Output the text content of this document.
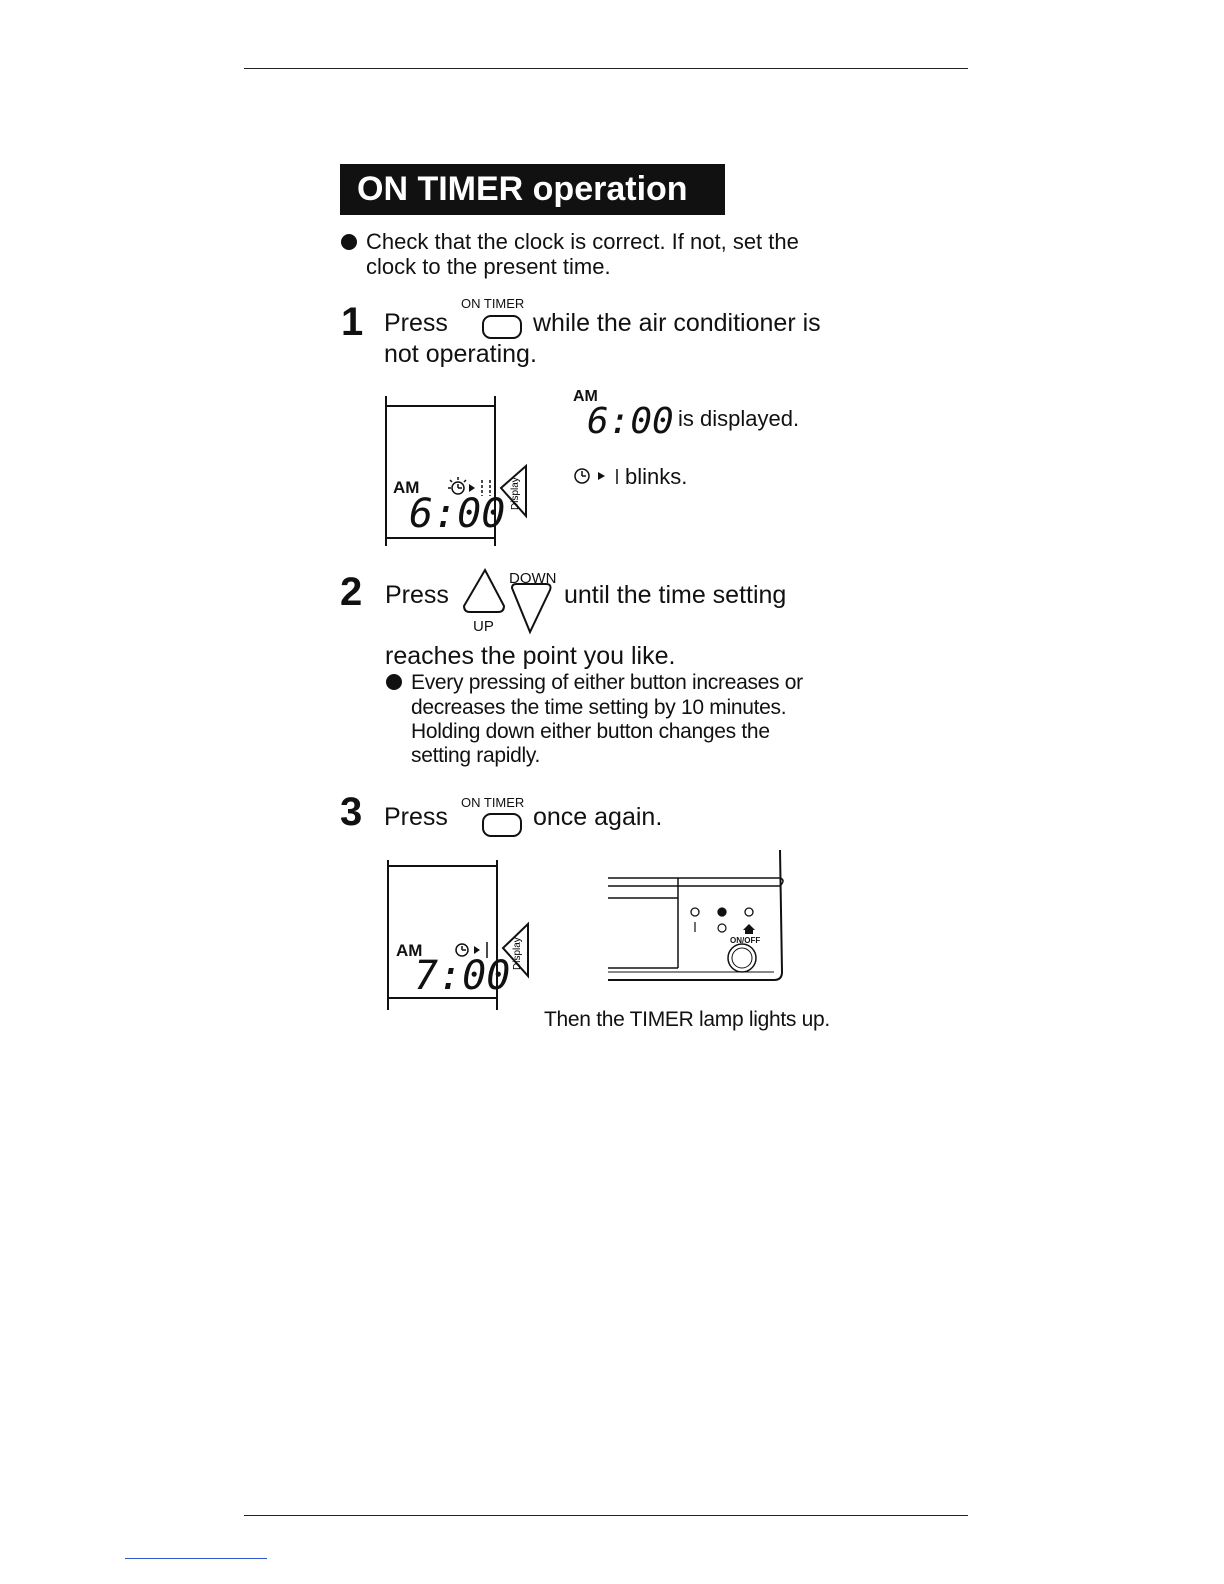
ON TIMER operation
Check that the clock is correct. If not, set the
clock to the present time.
1 Press
ON TIMER
while the air conditioner is
not operating.
Display
AM
6:00
AM
6:00 is displayed.
blinks.
2 Press
DOWN
UP
until the time setting
reaches the point you like.
Every pressing of either button increases or
decreases the time setting by 10 minutes.
Holding down either button changes the
setting rapidly.
3 Press
ON TIMER
once again.
Display
AM
7:00
ON/OFF
Then the TIMER lamp lights up.
